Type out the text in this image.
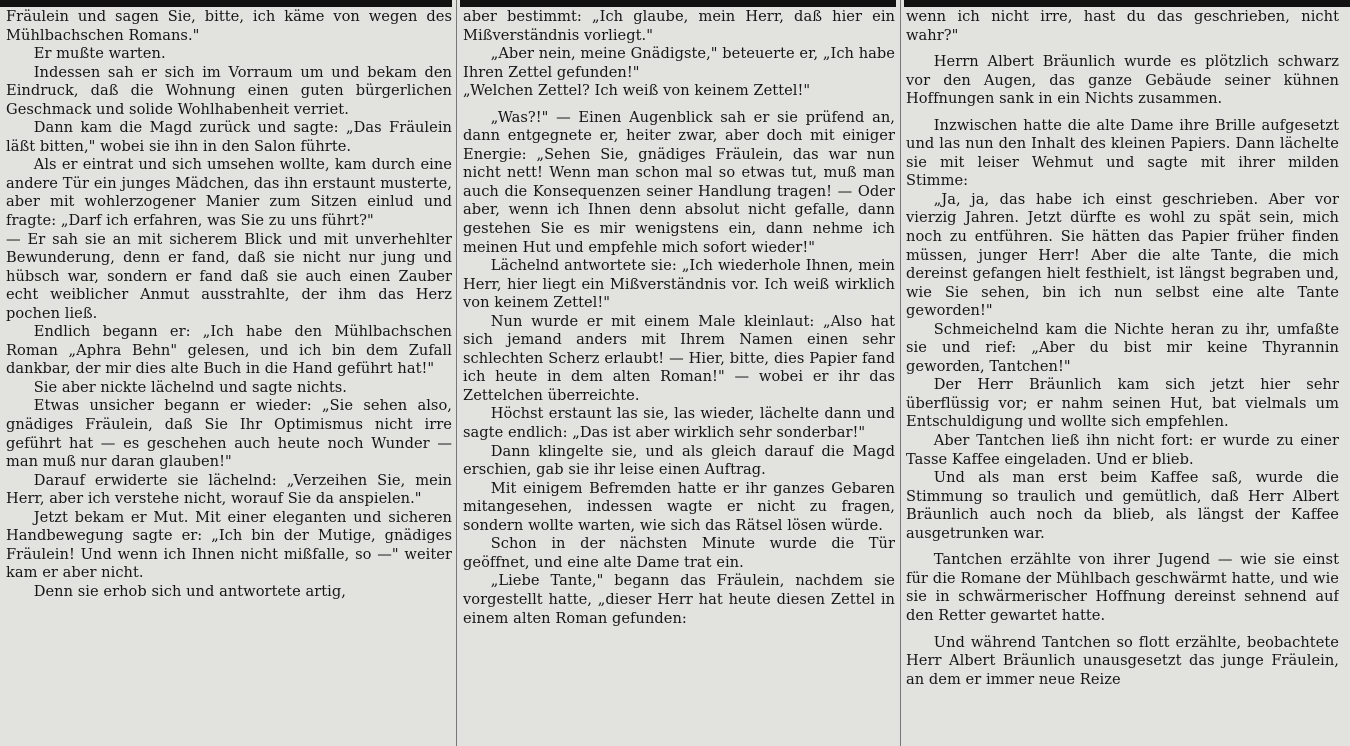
Fräulein und sagen Sie, bitte, ich käme von wegen des Mühlbachschen Romans."

Er mußte warten.

Indessen sah er sich im Vorraum um und bekam den Eindruck, daß die Wohnung einen guten bürgerlichen Geschmack und solide Wohlhabenheit verriet.

Dann kam die Magd zurück und sagte: „Das Fräulein läßt bitten," wobei sie ihn in den Salon führte.

Als er eintrat und sich umsehen wollte, kam durch eine andere Tür ein junges Mädchen, das ihn erstaunt musterte, aber mit wohlerzogener Manier zum Sitzen einlud und fragte: „Darf ich erfahren, was Sie zu uns führt?"

— Er sah sie an mit sicherem Blick und mit unverhehlter Bewunderung, denn er fand, daß sie nicht nur jung und hübsch war, sondern er fand daß sie auch einen Zauber echt weiblicher Anmut ausstrahlte, der ihm das Herz pochen ließ.

Endlich begann er: „Ich habe den Mühlbachschen Roman „Aphra Behn" gelesen, und ich bin dem Zufall dankbar, der mir dies alte Buch in die Hand geführt hat!"

Sie aber nickte lächelnd und sagte nichts.

Etwas unsicher begann er wieder: „Sie sehen also, gnädiges Fräulein, daß Sie Ihr Optimismus nicht irre geführt hat — es geschehen auch heute noch Wunder — man muß nur daran glauben!"

Darauf erwiderte sie lächelnd: „Verzeihen Sie, mein Herr, aber ich verstehe nicht, worauf Sie da anspielen."

Jetzt bekam er Mut. Mit einer eleganten und sicheren Handbewegung sagte er: „Ich bin der Mutige, gnädiges Fräulein! Und wenn ich Ihnen nicht mißfalle, so —" weiter kam er aber nicht.

Denn sie erhob sich und antwortete artig,

aber bestimmt: „Ich glaube, mein Herr, daß hier ein Mißverständnis vorliegt."

„Aber nein, meine Gnädigste," beteuerte er, „Ich habe Ihren Zettel gefunden!"

„Welchen Zettel? Ich weiß von keinem Zettel!"

„Was?!" — Einen Augenblick sah er sie prüfend an, dann entgegnete er, heiter zwar, aber doch mit einiger Energie: „Sehen Sie, gnädiges Fräulein, das war nun nicht nett! Wenn man schon mal so etwas tut, muß man auch die Konsequenzen seiner Handlung tragen! — Oder aber, wenn ich Ihnen denn absolut nicht gefalle, dann gestehen Sie es mir wenigstens ein, dann nehme ich meinen Hut und empfehle mich sofort wieder!"

Lächelnd antwortete sie: „Ich wiederhole Ihnen, mein Herr, hier liegt ein Mißverständnis vor. Ich weiß wirklich von keinem Zettel!"

Nun wurde er mit einem Male kleinlaut: „Also hat sich jemand anders mit Ihrem Namen einen sehr schlechten Scherz erlaubt! — Hier, bitte, dies Papier fand ich heute in dem alten Roman!" — wobei er ihr das Zettelchen überreichte.

Höchst erstaunt las sie, las wieder, lächelte dann und sagte endlich: „Das ist aber wirklich sehr sonderbar!"

Dann klingelte sie, und als gleich darauf die Magd erschien, gab sie ihr leise einen Auftrag.

Mit einigem Befremden hatte er ihr ganzes Gebaren mitangesehen, indessen wagte er nicht zu fragen, sondern wollte warten, wie sich das Rätsel lösen würde.

Schon in der nächsten Minute wurde die Tür geöffnet, und eine alte Dame trat ein.

„Liebe Tante," begann das Fräulein, nachdem sie vorgestellt hatte, „dieser Herr hat heute diesen Zettel in einem alten Roman gefunden:

wenn ich nicht irre, hast du das geschrieben, nicht wahr?"

Herrn Albert Bräunlich wurde es plötzlich schwarz vor den Augen, das ganze Gebäude seiner kühnen Hoffnungen sank in ein Nichts zusammen.

Inzwischen hatte die alte Dame ihre Brille aufgesetzt und las nun den Inhalt des kleinen Papiers. Dann lächelte sie mit leiser Wehmut und sagte mit ihrer milden Stimme:

„Ja, ja, das habe ich einst geschrieben. Aber vor vierzig Jahren. Jetzt dürfte es wohl zu spät sein, mich noch zu entführen. Sie hätten das Papier früher finden müssen, junger Herr! Aber die alte Tante, die mich dereinst gefangen hielt festhielt, ist längst begraben und, wie Sie sehen, bin ich nun selbst eine alte Tante geworden!"

Schmeichelnd kam die Nichte heran zu ihr, umfaßte sie und rief: „Aber du bist mir keine Thyrannin geworden, Tantchen!"

Der Herr Bräunlich kam sich jetzt hier sehr überflüssig vor; er nahm seinen Hut, bat vielmals um Entschuldigung und wollte sich empfehlen.

Aber Tantchen ließ ihn nicht fort: er wurde zu einer Tasse Kaffee eingeladen. Und er blieb.

Und als man erst beim Kaffee saß, wurde die Stimmung so traulich und gemütlich, daß Herr Albert Bräunlich auch noch da blieb, als längst der Kaffee ausgetrunken war.

Tantchen erzählte von ihrer Jugend — wie sie einst für die Romane der Mühlbach geschwärmt hatte, und wie sie in schwärmerischer Hoffnung dereinst sehnend auf den Retter gewartet hatte.

Und während Tantchen so flott erzählte, beobachtete Herr Albert Bräunlich unausgesetzt das junge Fräulein, an dem er immer neue Reize
